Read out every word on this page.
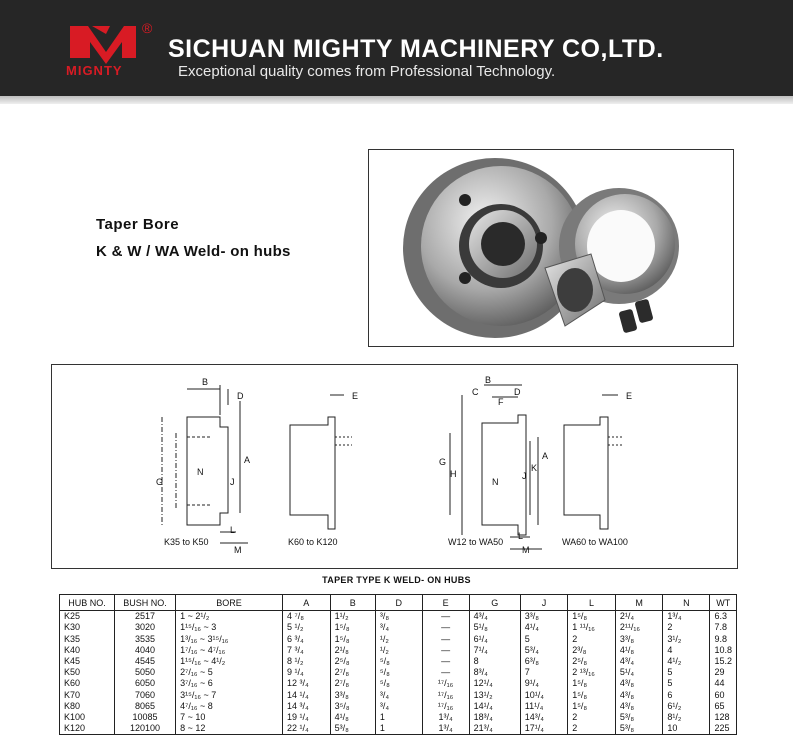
®
MIGNTY
SICHUAN MIGHTY MACHINERY CO,LTD.
Exceptional quality comes from Professional Technology.
Taper Bore
K & W / WA Weld- on hubs
B
D
N
A
G	J
L
M
K35 to K50
E
K60 to K120
B
C	D
F
G
H
A
K
J
N
L
M
W12 to WA50
E
WA60 to WA100
TAPER TYPE K WELD- ON HUBS
HUB NO.	BUSH NO.	BORE	A	B	D	E	G	J	L	M	N	WT
K25	2517	1 ~ 2¹/₂	4 ⁷/₈	1¹/₂	³/₈	—	4³/₄	3³/₈	1⁵/₈	2¹/₄	1³/₄	6.3
K30	3020	1¹⁵/₁₆ ~ 3	5 ¹/₂	1⁵/₈	³/₄	—	5¹/₈	4¹/₄	1 ¹¹/₁₆	2¹¹/₁₆	2	7.8
K35	3535	1³/₁₆ ~ 3¹⁵/₁₆	6 ³/₄	1⁵/₈	¹/₂	—	6¹/₄	5	2	3³/₈	3¹/₂	9.8
K40	4040	1⁷/₁₆ ~ 4⁷/₁₆	7 ³/₄	2¹/₈	¹/₂	—	7¹/₄	5³/₄	2³/₈	4¹/₈	4	10.8
K45	4545	1¹⁵/₁₆ ~ 4¹/₂	8 ¹/₂	2⁵/₈	⁵/₈	—	8	6³/₈	2⁵/₈	4³/₄	4¹/₂	15.2
K50	5050	2⁷/₁₆ ~ 5	9 ¹/₄	2⁷/₈	⁵/₈	—	8³/₄	7	2 ¹³/₁₆	5¹/₄	5	29
K60	6050	3⁷/₁₆ ~ 6	12 ³/₄	2⁷/₈	⁵/₈	¹⁷/₁₆	12¹/₄	9¹/₄	1⁵/₈	4³/₈	5	44
K70	7060	3¹⁵/₁₆ ~ 7	14 ¹/₄	3³/₈	³/₄	¹⁷/₁₆	13¹/₂	10¹/₄	1⁵/₈	4³/₈	6	60
K80	8065	4⁷/₁₆ ~ 8	14 ³/₄	3⁵/₈	³/₄	¹⁷/₁₆	14¹/₄	11¹/₄	1⁵/₈	4³/₈	6¹/₂	65
K100	10085	7 ~ 10	19 ¹/₄	4¹/₈	1	1³/₄	18³/₄	14³/₄	2	5³/₈	8¹/₂	128
K120	120100	8 ~ 12	22 ¹/₄	5³/₈	1	1³/₄	21³/₄	17¹/₄	2	5³/₈	10	225
